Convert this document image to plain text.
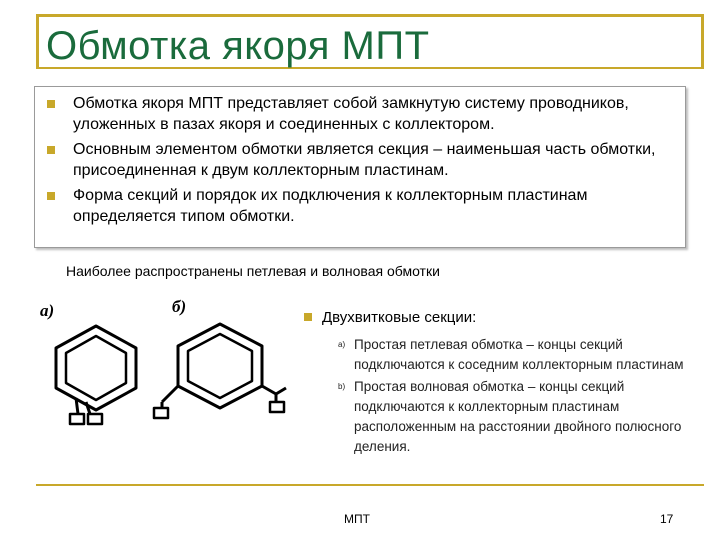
Обмотка якоря МПТ
Обмотка якоря МПТ представляет собой замкнутую систему проводников, уложенных в пазах якоря и соединенных с коллектором.
Основным элементом обмотки является секция – наименьшая часть обмотки, присоединенная к двум коллекторным пластинам.
Форма секций и порядок их подключения к коллекторным пластинам определяется типом обмотки.
Наиболее распространены петлевая и волновая обмотки
а)	б)
Двухвитковые секции:
a) Простая петлевая обмотка – концы секций подключаются к соседним коллекторным пластинам
b) Простая волновая обмотка – концы секций подключаются к коллекторным пластинам расположенным на расстоянии двойного полюсного деления.
МПТ	17
